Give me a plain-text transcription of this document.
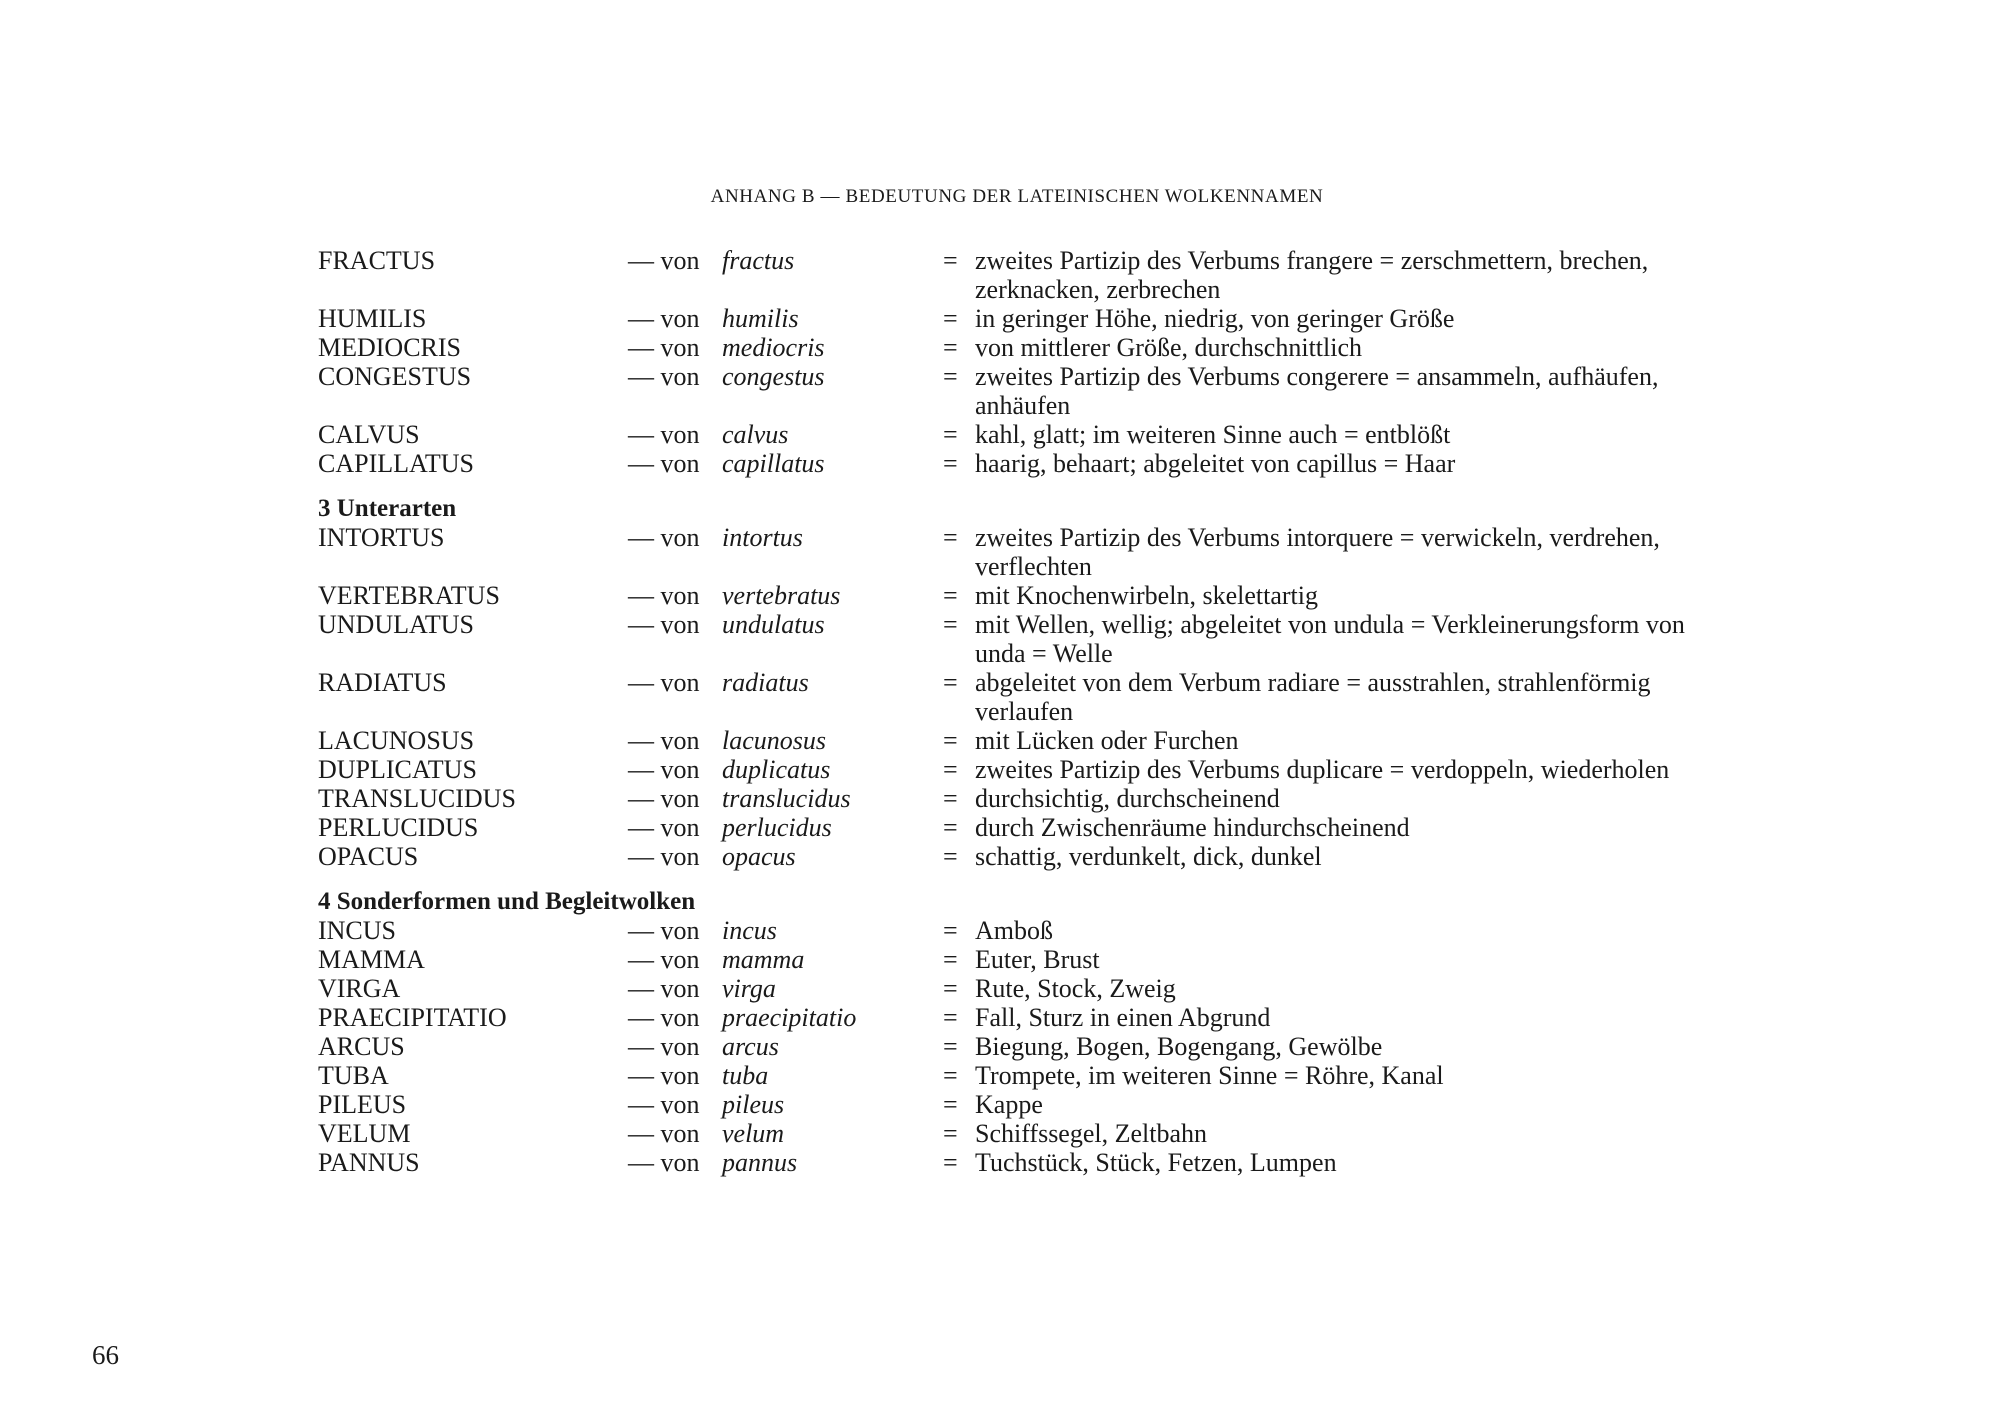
ANHANG B — BEDEUTUNG DER LATEINISCHEN WOLKENNAMEN
FRACTUS	— von fractus	= zweites Partizip des Verbums frangere = zerschmettern, brechen, zerknacken, zerbrechen
HUMILIS	— von humilis	= in geringer Höhe, niedrig, von geringer Größe
MEDIOCRIS	— von mediocris	= von mittlerer Größe, durchschnittlich
CONGESTUS	— von congestus	= zweites Partizip des Verbums congerere = ansammeln, aufhäufen, anhäufen
CALVUS	— von calvus	= kahl, glatt; im weiteren Sinne auch = entblößt
CAPILLATUS	— von capillatus	= haarig, behaart; abgeleitet von capillus = Haar
3 Unterarten
INTORTUS	— von intortus	= zweites Partizip des Verbums intorquere = verwickeln, verdrehen, verflechten
VERTEBRATUS	— von vertebratus	= mit Knochenwirbeln, skelettartig
UNDULATUS	— von undulatus	= mit Wellen, wellig; abgeleitet von undula = Verkleinerungsform von unda = Welle
RADIATUS	— von radiatus	= abgeleitet von dem Verbum radiare = ausstrahlen, strahlenförmig verlaufen
LACUNOSUS	— von lacunosus	= mit Lücken oder Furchen
DUPLICATUS	— von duplicatus	= zweites Partizip des Verbums duplicare = verdoppeln, wiederholen
TRANSLUCIDUS	— von translucidus	= durchsichtig, durchscheinend
PERLUCIDUS	— von perlucidus	= durch Zwischenräume hindurchscheinend
OPACUS	— von opacus	= schattig, verdunkelt, dick, dunkel
4 Sonderformen und Begleitwolken
INCUS	— von incus	= Amboß
MAMMA	— von mamma	= Euter, Brust
VIRGA	— von virga	= Rute, Stock, Zweig
PRAECIPITATIO	— von praecipitatio	= Fall, Sturz in einen Abgrund
ARCUS	— von arcus	= Biegung, Bogen, Bogengang, Gewölbe
TUBA	— von tuba	= Trompete, im weiteren Sinne = Röhre, Kanal
PILEUS	— von pileus	= Kappe
VELUM	— von velum	= Schiffssegel, Zeltbahn
PANNUS	— von pannus	= Tuchstück, Stück, Fetzen, Lumpen
66
